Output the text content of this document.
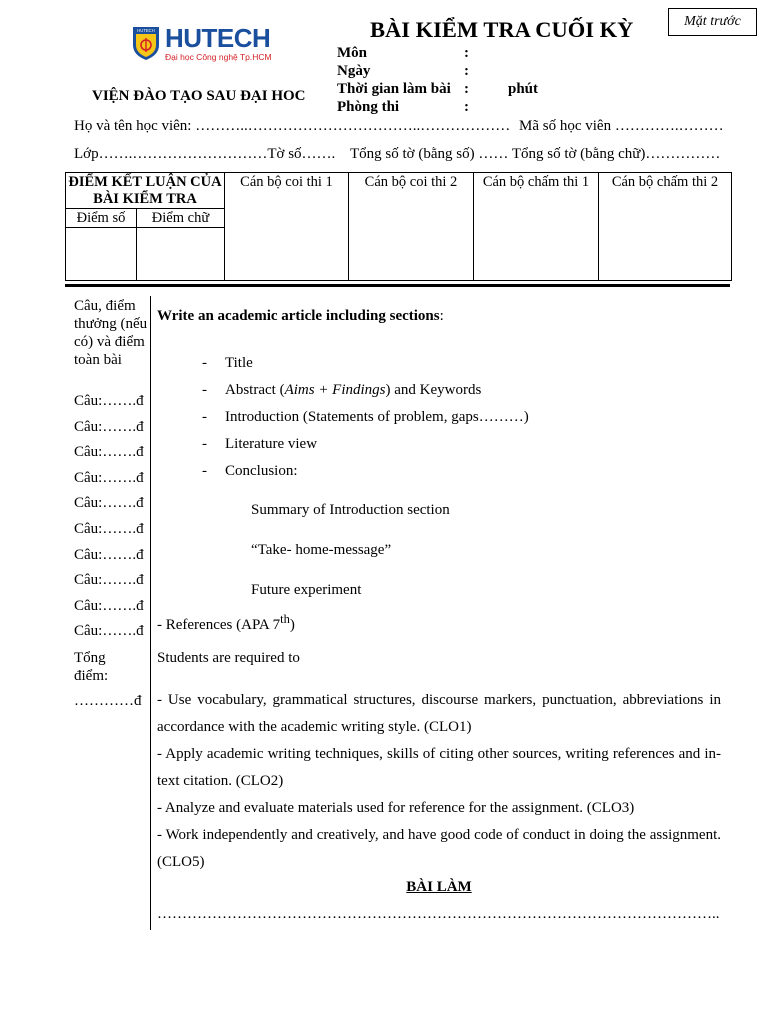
Mặt trước
HUTECH HUTECH
Đại học Công nghệ Tp.HCM
BÀI KIỂM TRA CUỐI KỲ
VIỆN ĐÀO TẠO SAU ĐẠI HOC
Môn	:
Ngày	:
Thời gian làm bài :	phút
Phòng thi	:
Họ và tên học viên: ………..……………………………..……………… Mã số học viên ………….………
Lớp…….………………………Tờ số……. Tổng số tờ (bằng số) …… Tổng số tờ (bằng chữ)……………
ĐIỂM KẾT LUẬN CỦA BÀI KIỂM TRA		Cán bộ coi thi 1	Cán bộ coi thi 2	Cán bộ chấm thi 1	Cán bộ chấm thi 2
Điểm số	Điểm chữ				

Câu, điểm thưởng (nếu có) và điểm toàn bài
Câu:…….đ
Câu:…….đ
Câu:…….đ
Câu:…….đ
Câu:…….đ
Câu:…….đ
Câu:…….đ
Câu:…….đ
Câu:…….đ
Câu:…….đ
Tổng điểm:
…………đ
Write an academic article including sections:
- Title
- Abstract (Aims + Findings) and Keywords
- Introduction (Statements of problem, gaps………)
- Literature view
- Conclusion:
Summary of Introduction section
“Take- home-message”
Future experiment
- References (APA 7th)
Students are required to
- Use vocabulary, grammatical structures, discourse markers, punctuation, abbreviations in accordance with the academic writing style. (CLO1)
- Apply academic writing techniques, skills of citing other sources, writing references and in-text citation. (CLO2)
- Analyze and evaluate materials used for reference for the assignment. (CLO3)
- Work independently and creatively, and have good code of conduct in doing the assignment. (CLO5)
BÀI LÀM
…………………………………………………………………………………………………..
